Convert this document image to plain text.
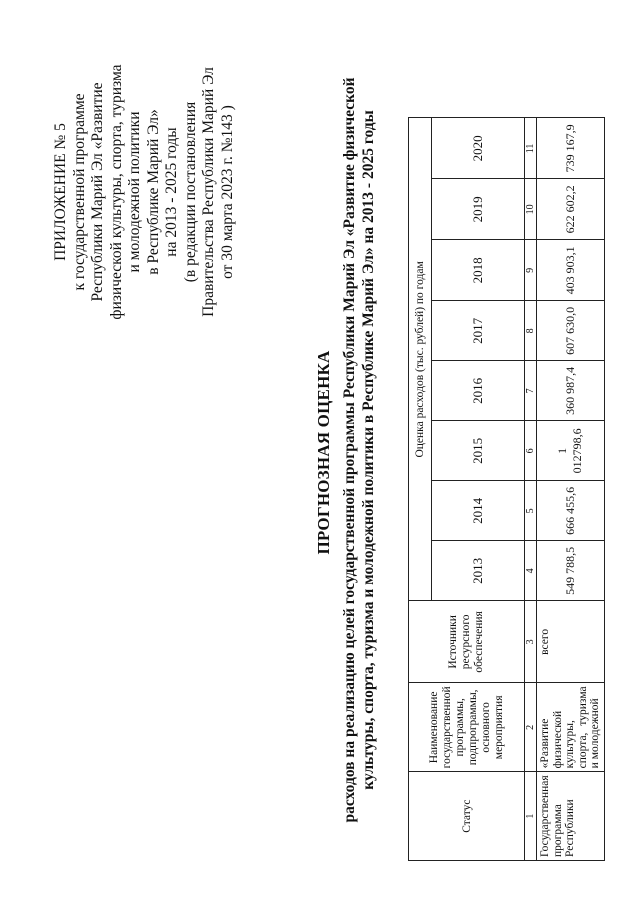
ПРИЛОЖЕНИЕ № 5 к государственной программе Республики Марий Эл «Развитие физической культуры, спорта, туризма и молодежной политики в Республике Марий Эл» на 2013 - 2025 годы (в редакции постановления Правительства Республики Марий Эл от 30 марта 2023 г. №143 )
ПРОГНОЗНАЯ ОЦЕНКА расходов на реализацию целей государственной программы Республики Марий Эл «Развитие физической культуры, спорта, туризма и молодежной политики в Республике Марий Эл» на 2013 - 2025 годы
Статус	Наименование государственной программы, подпрограммы, основного мероприятия	Источники ресурсного обеспечения	Оценка расходов (тыс. рублей) по годам							
			2013	2014	2015	2016	2017	2018	2019	2020
1	2	3	4	5	6	7	8	9	10	11
Государственная программа Республики	«Развитие физической культуры, спорта, туризма и молодежной	всего	549 788,5	666 455,6	1 012798,6	360 987,4	607 630,0	403 903,1	622 602,2	739 167,9
